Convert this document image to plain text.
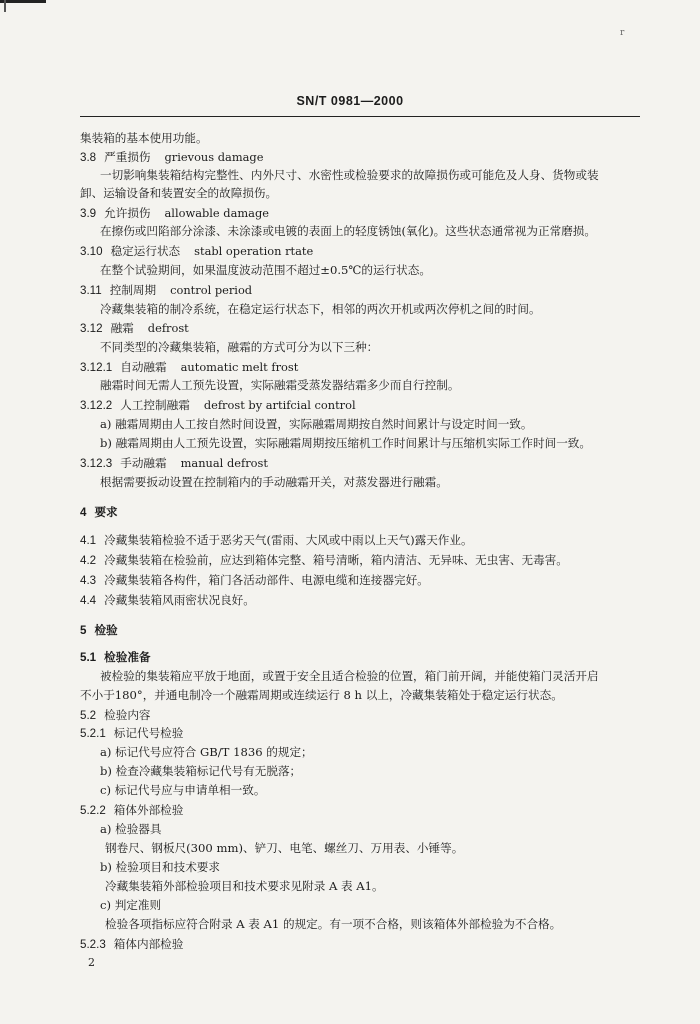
r
SN/T 0981—2000
集装箱的基本使用功能。
3.8 严重损伤 grievous damage
一切影响集装箱结构完整性、内外尺寸、水密性或检验要求的故障损伤或可能危及人身、货物或装
卸、运输设备和装置安全的故障损伤。
3.9 允许损伤 allowable damage
在擦伤或凹陷部分涂漆、未涂漆或电镀的表面上的轻度锈蚀(氧化)。这些状态通常视为正常磨损。
3.10 稳定运行状态 stabl operation rtate
在整个试验期间，如果温度波动范围不超过±0.5℃的运行状态。
3.11 控制周期 control period
冷藏集装箱的制冷系统，在稳定运行状态下，相邻的两次开机或两次停机之间的时间。
3.12 融霜 defrost
不同类型的冷藏集装箱，融霜的方式可分为以下三种：
3.12.1 自动融霜 automatic melt frost
融霜时间无需人工预先设置，实际融霜受蒸发器结霜多少而自行控制。
3.12.2 人工控制融霜 defrost by artifcial control
a) 融霜周期由人工按自然时间设置，实际融霜周期按自然时间累计与设定时间一致。
b) 融霜周期由人工预先设置，实际融霜周期按压缩机工作时间累计与压缩机实际工作时间一致。
3.12.3 手动融霜 manual defrost
根据需要扳动设置在控制箱内的手动融霜开关，对蒸发器进行融霜。
4 要求
4.1 冷藏集装箱检验不适于恶劣天气(雷雨、大风或中雨以上天气)露天作业。
4.2 冷藏集装箱在检验前，应达到箱体完整、箱号清晰，箱内清洁、无异味、无虫害、无毒害。
4.3 冷藏集装箱各构件，箱门各活动部件、电源电缆和连接器完好。
4.4 冷藏集装箱风雨密状况良好。
5 检验
5.1 检验准备
被检验的集装箱应平放于地面，或置于安全且适合检验的位置，箱门前开阔，并能使箱门灵活开启
不小于180°，并通电制冷一个融霜周期或连续运行 8 h 以上，冷藏集装箱处于稳定运行状态。
5.2 检验内容
5.2.1 标记代号检验
a) 标记代号应符合 GB/T 1836 的规定；
b) 检查冷藏集装箱标记代号有无脱落；
c) 标记代号应与申请单相一致。
5.2.2 箱体外部检验
a) 检验器具
钢卷尺、钢板尺(300 mm)、铲刀、电笔、螺丝刀、万用表、小锤等。
b) 检验项目和技术要求
冷藏集装箱外部检验项目和技术要求见附录 A 表 A1。
c) 判定准则
检验各项指标应符合附录 A 表 A1 的规定。有一项不合格，则该箱体外部检验为不合格。
5.2.3 箱体内部检验
2
